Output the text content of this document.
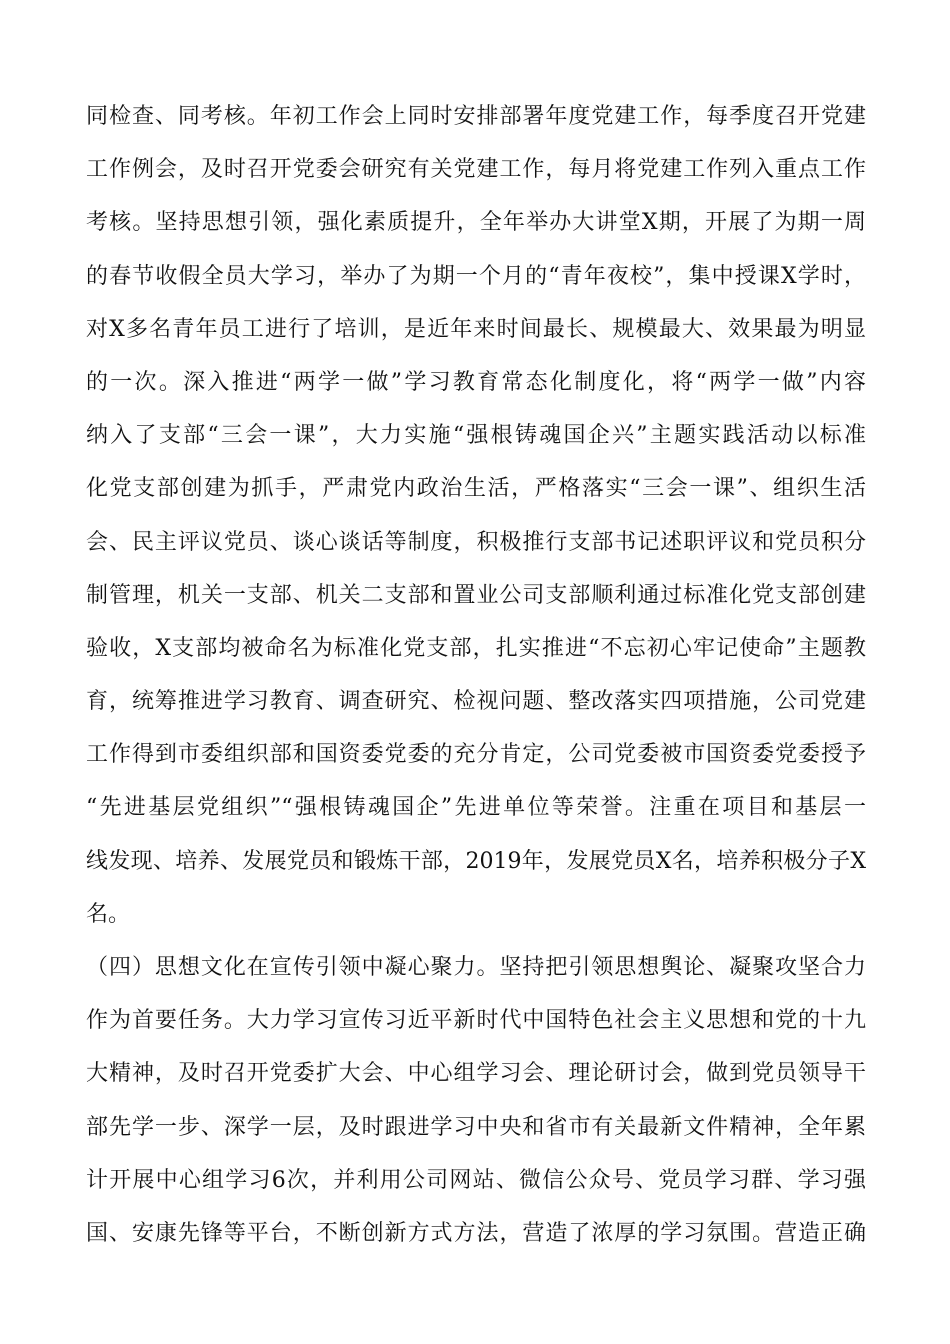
同检查、同考核。年初工作会上同时安排部署年度党建工作，每季度召开党建
工作例会，及时召开党委会研究有关党建工作，每月将党建工作列入重点工作
考核。坚持思想引领，强化素质提升，全年举办大讲堂X期，开展了为期一周
的春节收假全员大学习，举办了为期一个月的“青年夜校”，集中授课X学时，
对X多名青年员工进行了培训，是近年来时间最长、规模最大、效果最为明显
的一次。深入推进“两学一做”学习教育常态化制度化，将“两学一做”内容
纳入了支部“三会一课”，大力实施“强根铸魂国企兴”主题实践活动以标准
化党支部创建为抓手，严肃党内政治生活，严格落实“三会一课”、组织生活
会、民主评议党员、谈心谈话等制度，积极推行支部书记述职评议和党员积分
制管理，机关一支部、机关二支部和置业公司支部顺利通过标准化党支部创建
验收，X支部均被命名为标准化党支部，扎实推进“不忘初心牢记使命”主题教
育，统筹推进学习教育、调查研究、检视问题、整改落实四项措施，公司党建
工作得到市委组织部和国资委党委的充分肯定，公司党委被市国资委党委授予
“先进基层党组织”“强根铸魂国企”先进单位等荣誉。注重在项目和基层一
线发现、培养、发展党员和锻炼干部，2019年，发展党员X名，培养积极分子X
名。
（四）思想文化在宣传引领中凝心聚力。坚持把引领思想舆论、凝聚攻坚合力
作为首要任务。大力学习宣传习近平新时代中国特色社会主义思想和党的十九
大精神，及时召开党委扩大会、中心组学习会、理论研讨会，做到党员领导干
部先学一步、深学一层，及时跟进学习中央和省市有关最新文件精神，全年累
计开展中心组学习6次，并利用公司网站、微信公众号、党员学习群、学习强
国、安康先锋等平台，不断创新方式方法，营造了浓厚的学习氛围。营造正确
